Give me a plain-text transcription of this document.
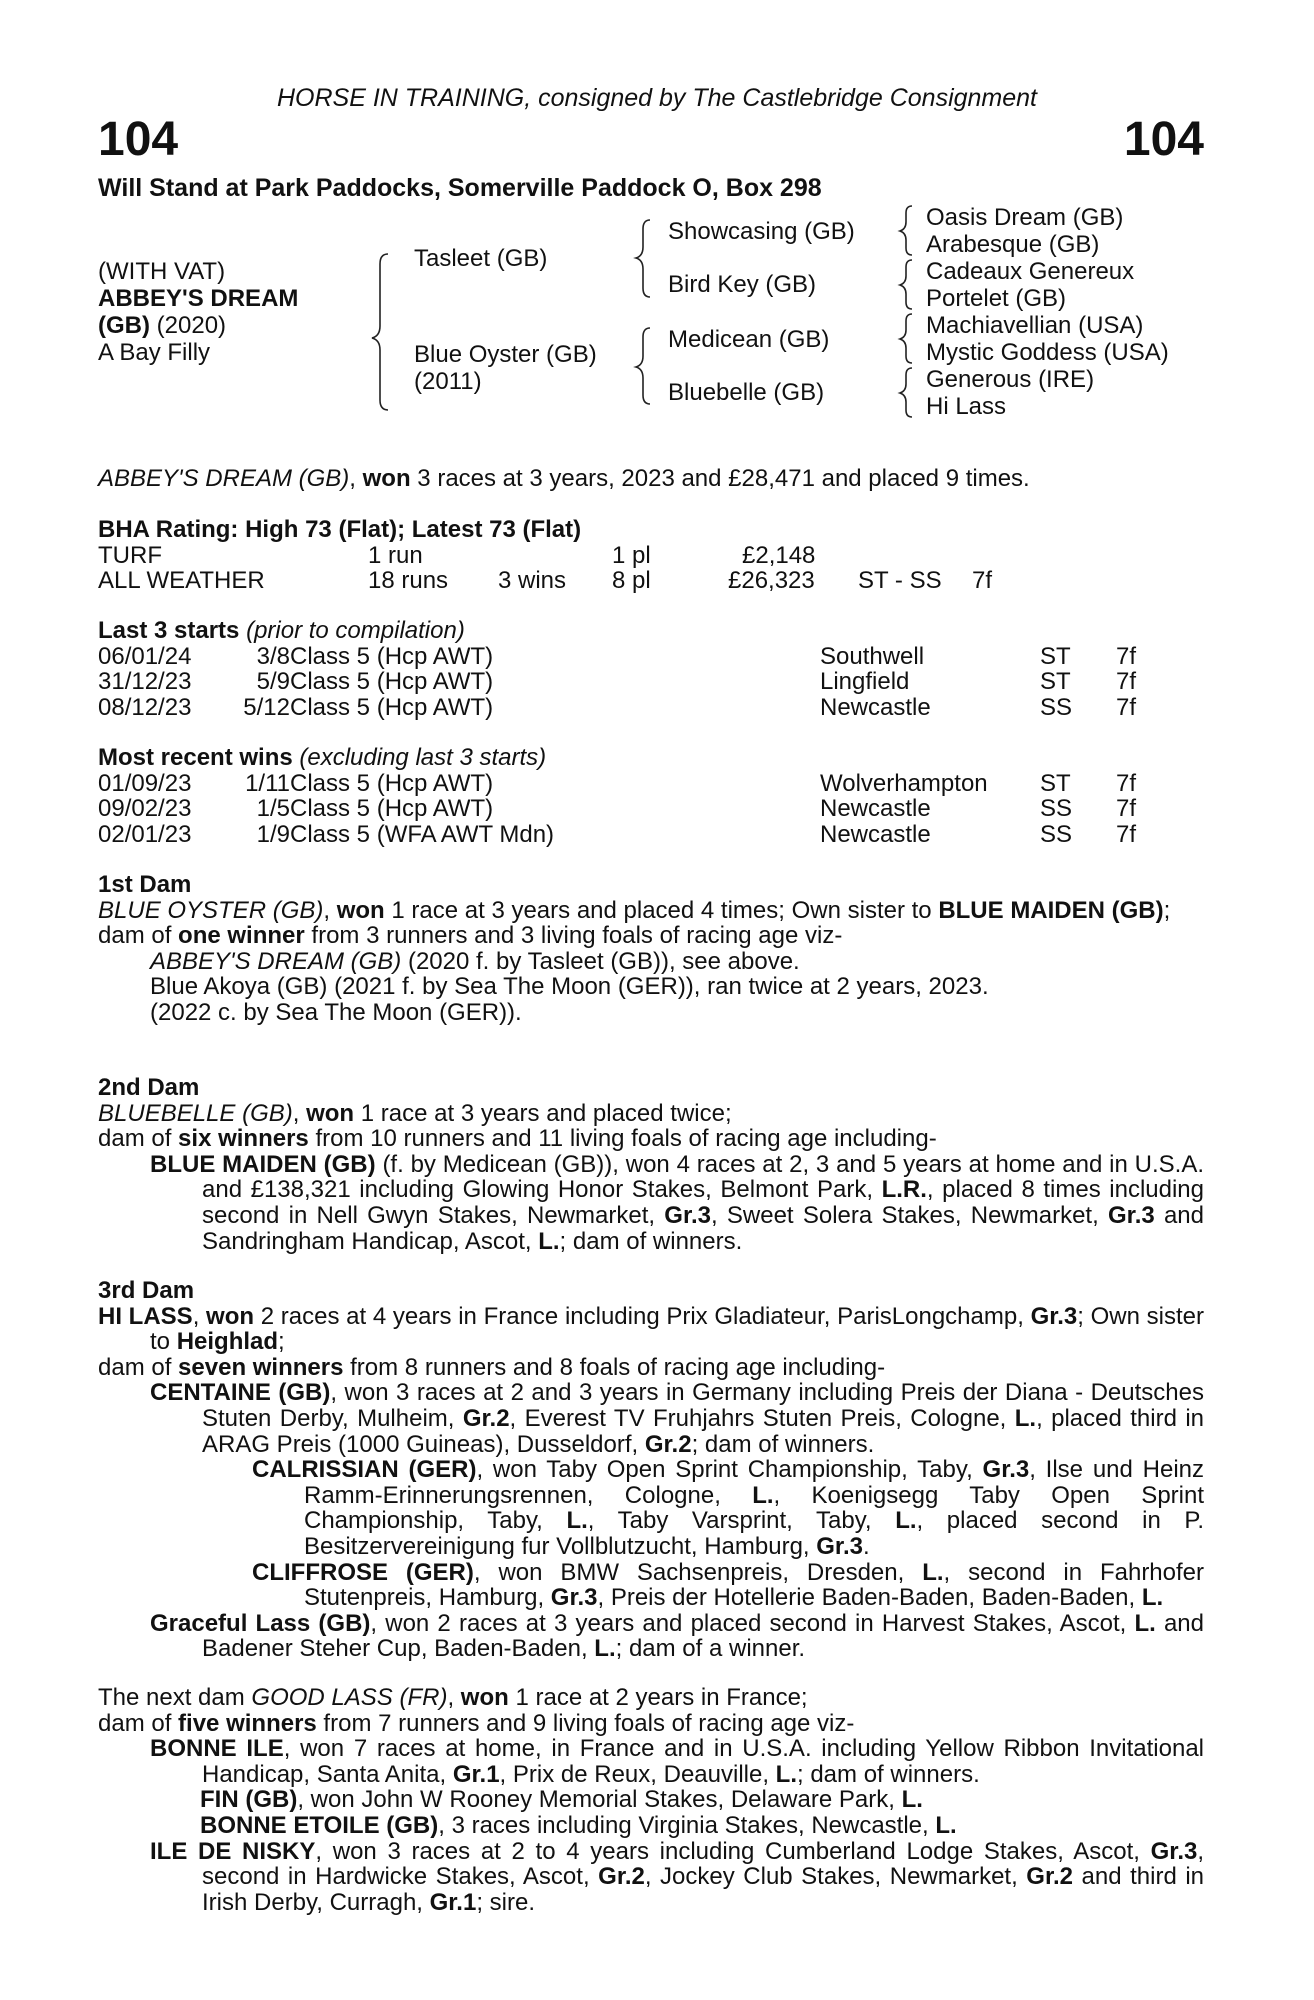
HORSE IN TRAINING, consigned by The Castlebridge Consignment
104	104
Will Stand at Park Paddocks, Somerville Paddock O, Box 298
(WITH VAT)
ABBEY'S DREAM
(GB) (2020)
A Bay Filly
Tasleet (GB)
Blue Oyster (GB)
(2011)
Showcasing (GB)
Bird Key (GB)
Medicean (GB)
Bluebelle (GB)
Oasis Dream (GB)
Arabesque (GB)
Cadeaux Genereux
Portelet (GB)
Machiavellian (USA)
Mystic Goddess (USA)
Generous (IRE)
Hi Lass

ABBEY'S DREAM (GB), won 3 races at 3 years, 2023 and £28,471 and placed 9 times.

BHA Rating: High 73 (Flat); Latest 73 (Flat)

TURF	1 run	1 pl	£2,148
ALL WEATHER	18 runs 3 wins 8 pl	£26,323 ST - SS 7f

Last 3 starts (prior to compilation)

06/01/24	3/8 Class 5 (Hcp AWT)	Southwell	ST 7f
31/12/23	5/9 Class 5 (Hcp AWT)	Lingfield	ST 7f
08/12/23	5/12 Class 5 (Hcp AWT)	Newcastle	SS 7f

Most recent wins (excluding last 3 starts)

01/09/23	1/11 Class 5 (Hcp AWT)	Wolverhampton ST 7f
09/02/23	1/5 Class 5 (Hcp AWT)	Newcastle	SS 7f
02/01/23	1/9 Class 5 (WFA AWT Mdn)	Newcastle	SS 7f

1st Dam

BLUE OYSTER (GB), won 1 race at 3 years and placed 4 times; Own sister to BLUE MAIDEN (GB);

dam of one winner from 3 runners and 3 living foals of racing age viz-

ABBEY'S DREAM (GB) (2020 f. by Tasleet (GB)), see above.

Blue Akoya (GB) (2021 f. by Sea The Moon (GER)), ran twice at 2 years, 2023.

(2022 c. by Sea The Moon (GER)).

2nd Dam

BLUEBELLE (GB), won 1 race at 3 years and placed twice;

dam of six winners from 10 runners and 11 living foals of racing age including-

BLUE MAIDEN (GB) (f. by Medicean (GB)), won 4 races at 2, 3 and 5 years at home and in U.S.A. and £138,321 including Glowing Honor Stakes, Belmont Park, L.R., placed 8 times including second in Nell Gwyn Stakes, Newmarket, Gr.3, Sweet Solera Stakes, Newmarket, Gr.3 and Sandringham Handicap, Ascot, L.; dam of winners.

3rd Dam

HI LASS, won 2 races at 4 years in France including Prix Gladiateur, ParisLongchamp, Gr.3; Own sister to Heighlad;

dam of seven winners from 8 runners and 8 foals of racing age including-

CENTAINE (GB), won 3 races at 2 and 3 years in Germany including Preis der Diana - Deutsches Stuten Derby, Mulheim, Gr.2, Everest TV Fruhjahrs Stuten Preis, Cologne, L., placed third in ARAG Preis (1000 Guineas), Dusseldorf, Gr.2; dam of winners.

CALRISSIAN (GER), won Taby Open Sprint Championship, Taby, Gr.3, Ilse und Heinz Ramm-Erinnerungsrennen, Cologne, L., Koenigsegg Taby Open Sprint Championship, Taby, L., Taby Varsprint, Taby, L., placed second in P. Besitzervereinigung fur Vollblutzucht, Hamburg, Gr.3.

CLIFFROSE (GER), won BMW Sachsenpreis, Dresden, L., second in Fahrhofer Stutenpreis, Hamburg, Gr.3, Preis der Hotellerie Baden-Baden, Baden-Baden, L.

Graceful Lass (GB), won 2 races at 3 years and placed second in Harvest Stakes, Ascot, L. and Badener Steher Cup, Baden-Baden, L.; dam of a winner.

The next dam GOOD LASS (FR), won 1 race at 2 years in France;

dam of five winners from 7 runners and 9 living foals of racing age viz-

BONNE ILE, won 7 races at home, in France and in U.S.A. including Yellow Ribbon Invitational Handicap, Santa Anita, Gr.1, Prix de Reux, Deauville, L.; dam of winners.

FIN (GB), won John W Rooney Memorial Stakes, Delaware Park, L.

BONNE ETOILE (GB), 3 races including Virginia Stakes, Newcastle, L.

ILE DE NISKY, won 3 races at 2 to 4 years including Cumberland Lodge Stakes, Ascot, Gr.3, second in Hardwicke Stakes, Ascot, Gr.2, Jockey Club Stakes, Newmarket, Gr.2 and third in Irish Derby, Curragh, Gr.1; sire.
